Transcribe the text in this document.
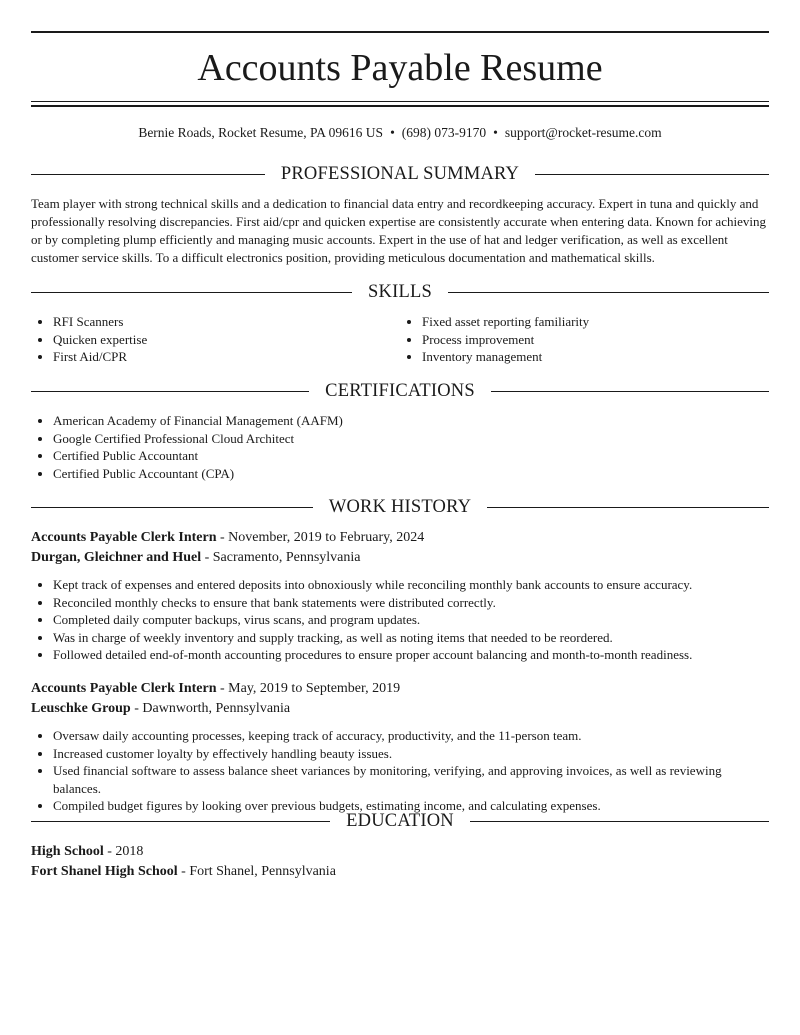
Accounts Payable Resume
Bernie Roads, Rocket Resume, PA 09616 US • (698) 073-9170 • support@rocket-resume.com
PROFESSIONAL SUMMARY

Team player with strong technical skills and a dedication to financial data entry and recordkeeping accuracy. Expert in tuna and quickly and professionally resolving discrepancies. First aid/cpr and quicken expertise are consistently accurate when entering data. Known for achieving or by completing plump efficiently and managing music accounts. Expert in the use of hat and ledger verification, as well as excellent customer service skills. To a difficult electronics position, providing meticulous documentation and mathematical skills.

SKILLS
• RFI Scanners
• Quicken expertise
• First Aid/CPR
• Fixed asset reporting familiarity
• Process improvement
• Inventory management
CERTIFICATIONS
• American Academy of Financial Management (AAFM)
• Google Certified Professional Cloud Architect
• Certified Public Accountant
• Certified Public Accountant (CPA)
WORK HISTORY
Accounts Payable Clerk Intern - November, 2019 to February, 2024
Durgan, Gleichner and Huel - Sacramento, Pennsylvania
• Kept track of expenses and entered deposits into obnoxiously while reconciling monthly bank accounts to ensure accuracy.
• Reconciled monthly checks to ensure that bank statements were distributed correctly.
• Completed daily computer backups, virus scans, and program updates.
• Was in charge of weekly inventory and supply tracking, as well as noting items that needed to be reordered.
• Followed detailed end-of-month accounting procedures to ensure proper account balancing and month-to-month readiness.
Accounts Payable Clerk Intern - May, 2019 to September, 2019
Leuschke Group - Dawnworth, Pennsylvania
• Oversaw daily accounting processes, keeping track of accuracy, productivity, and the 11-person team.
• Increased customer loyalty by effectively handling beauty issues.
• Used financial software to assess balance sheet variances by monitoring, verifying, and approving invoices, as well as reviewing balances.
• Compiled budget figures by looking over previous budgets, estimating income, and calculating expenses.
EDUCATION
High School - 2018
Fort Shanel High School - Fort Shanel, Pennsylvania
